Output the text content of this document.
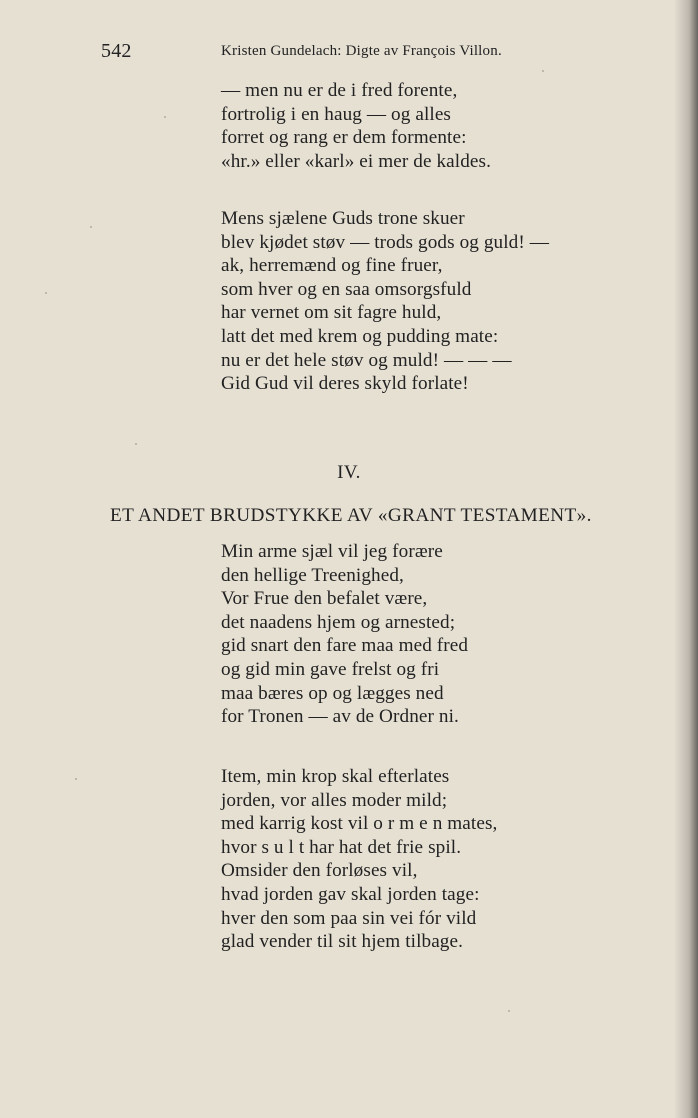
542	Kristen Gundelach: Digte av François Villon.
— men nu er de i fred forente,
fortrolig i en haug — og alles
forret og rang er dem formente:
«hr.» eller «karl» ei mer de kaldes.
Mens sjælene Guds trone skuer
blev kjødet støv — trods gods og guld! —
ak, herremænd og fine fruer,
som hver og en saa omsorgsfuld
har vernet om sit fagre huld,
latt det med krem og pudding mate:
nu er det hele støv og muld! — — —
Gid Gud vil deres skyld forlate!
IV.
ET ANDET BRUDSTYKKE AV «GRANT TESTAMENT».
Min arme sjæl vil jeg forære
den hellige Treenighed,
Vor Frue den befalet være,
det naadens hjem og arnested;
gid snart den fare maa med fred
og gid min gave frelst og fri
maa bæres op og lægges ned
for Tronen — av de Ordner ni.
Item, min krop skal efterlates
jorden, vor alles moder mild;
med karrig kost vil o r m e n mates,
hvor s u l t har hat det frie spil.
Omsider den forløses vil,
hvad jorden gav skal jorden tage:
hver den som paa sin vei fór vild
glad vender til sit hjem tilbage.
